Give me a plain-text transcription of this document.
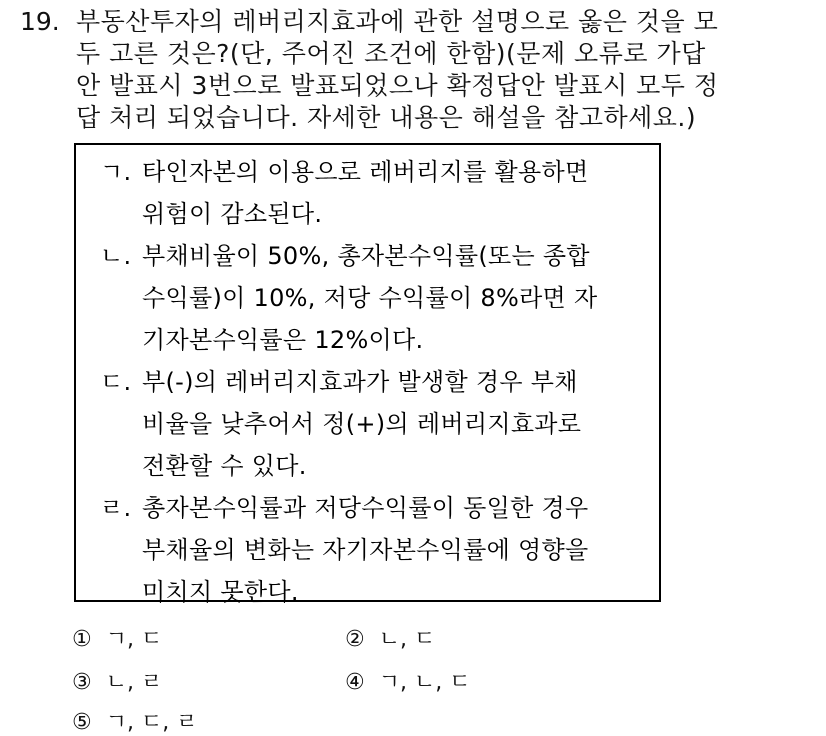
19. 부동산투자의 레버리지효과에 관한 설명으로 옳은 것을 모
두 고른 것은?(단, 주어진 조건에 한함)(문제 오류로 가답
안 발표시 3번으로 발표되었으나 확정답안 발표시 모두 정
답 처리 되었습니다. 자세한 내용은 해설을 참고하세요.)
ㄱ. 타인자본의 이용으로 레버리지를 활용하면
위험이 감소된다.
ㄴ. 부채비율이 50%, 총자본수익률(또는 종합
수익률)이 10%, 저당 수익률이 8%라면 자
기자본수익률은 12%이다.
ㄷ. 부(-)의 레버리지효과가 발생할 경우 부채
비율을 낮추어서 정(+)의 레버리지효과로
전환할 수 있다.
ㄹ. 총자본수익률과 저당수익률이 동일한 경우
부채율의 변화는 자기자본수익률에 영향을
미치지 못한다.
① ㄱ, ㄷ	② ㄴ, ㄷ
③ ㄴ, ㄹ	④ ㄱ, ㄴ, ㄷ
⑤ ㄱ, ㄷ, ㄹ
